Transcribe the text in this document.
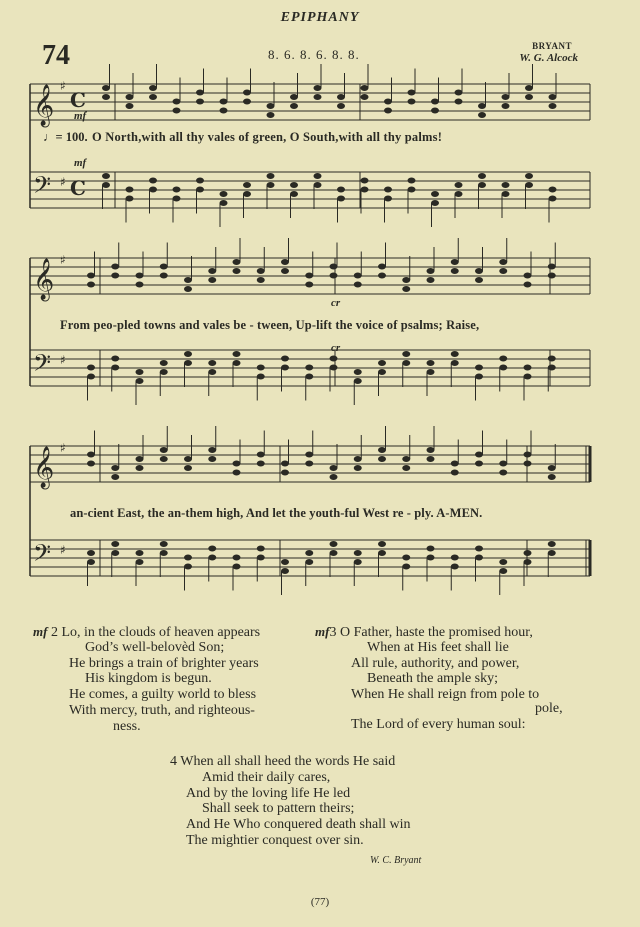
EPIPHANY
74	8. 6. 8. 6. 8. 8.
BRYANT
W. G. Alcock
𝄞 ♯
C
𝄢 ♯ C
𝄞 ♯
𝄢 ♯
𝄞 ♯
𝄢 ♯
♩= 100. O North,with all thy vales of green, O South,with all thy palms!
From peo-pled towns and vales be - tween, Up-lift the voice of psalms; Raise,
an-cient East, the an-them high, And let the youth-ful West re - ply. A-MEN.
mf
mf
cr
cr
mf 2 Lo, in the clouds of heaven appears
God’s well-belovèd Son;
He brings a train of brighter years
His kingdom is begun.
He comes, a guilty world to bless
With mercy, truth, and righteous-
ness.
mf3 O Father, haste the promised hour,
When at His feet shall lie
All rule, authority, and power,
Beneath the ample sky;
When He shall reign from pole to
pole,
The Lord of every human soul:
4 When all shall heed the words He said
Amid their daily cares,
And by the loving life He led
Shall seek to pattern theirs;
And He Who conquered death shall win
The mightier conquest over sin.
W. C. Bryant
(77)
